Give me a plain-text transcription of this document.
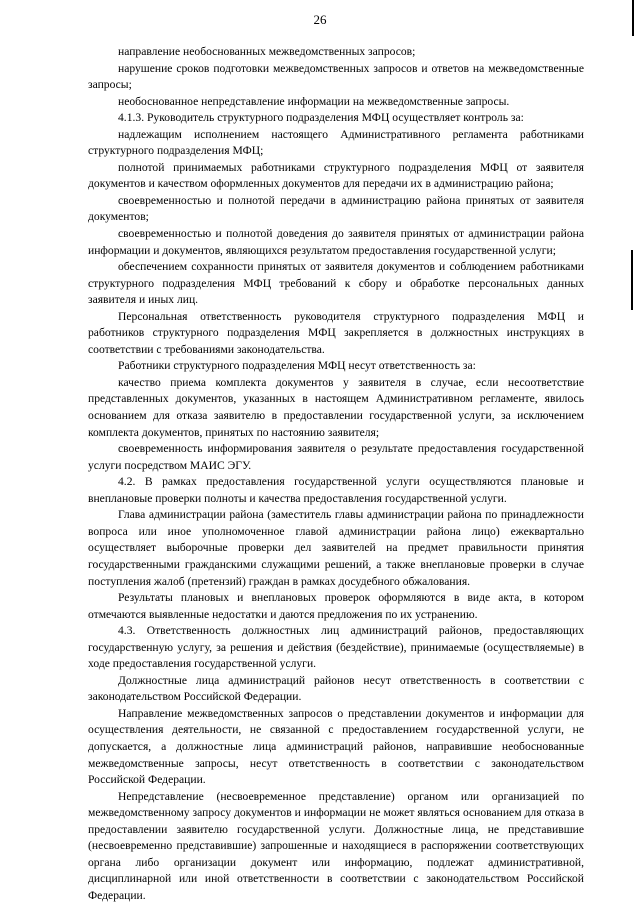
26

направление необоснованных межведомственных запросов;

нарушение сроков подготовки межведомственных запросов и ответов на межведомственные запросы;

необоснованное непредставление информации на межведомственные запросы.

4.1.3. Руководитель структурного подразделения МФЦ осуществляет контроль за:

надлежащим исполнением настоящего Административного регламента работниками структурного подразделения МФЦ;

полнотой принимаемых работниками структурного подразделения МФЦ от заявителя документов и качеством оформленных документов для передачи их в администрацию района;

своевременностью и полнотой передачи в администрацию района принятых от заявителя документов;

своевременностью и полнотой доведения до заявителя принятых от администрации района информации и документов, являющихся результатом предоставления государственной услуги;

обеспечением сохранности принятых от заявителя документов и соблюдением работниками структурного подразделения МФЦ требований к сбору и обработке персональных данных заявителя и иных лиц.

Персональная ответственность руководителя структурного подразделения МФЦ и работников структурного подразделения МФЦ закрепляется в должностных инструкциях в соответствии с требованиями законодательства.

Работники структурного подразделения МФЦ несут ответственность за:

качество приема комплекта документов у заявителя в случае, если несоответствие представленных документов, указанных в настоящем Административном регламенте, явилось основанием для отказа заявителю в предоставлении государственной услуги, за исключением комплекта документов, принятых по настоянию заявителя;

своевременность информирования заявителя о результате предоставления государственной услуги посредством МАИС ЭГУ.

4.2. В рамках предоставления государственной услуги осуществляются плановые и внеплановые проверки полноты и качества предоставления государственной услуги.

Глава администрации района (заместитель главы администрации района по принадлежности вопроса или иное уполномоченное главой администрации района лицо) ежеквартально осуществляет выборочные проверки дел заявителей на предмет правильности принятия государственными гражданскими служащими решений, а также внеплановые проверки в случае поступления жалоб (претензий) граждан в рамках досудебного обжалования.

Результаты плановых и внеплановых проверок оформляются в виде акта, в котором отмечаются выявленные недостатки и даются предложения по их устранению.

4.3. Ответственность должностных лиц администраций районов, предоставляющих государственную услугу, за решения и действия (бездействие), принимаемые (осуществляемые) в ходе предоставления государственной услуги.

Должностные лица администраций районов несут ответственность в соответствии с законодательством Российской Федерации.

Направление межведомственных запросов о представлении документов и информации для осуществления деятельности, не связанной с предоставлением государственной услуги, не допускается, а должностные лица администраций районов, направившие необоснованные межведомственные запросы, несут ответственность в соответствии с законодательством Российской Федерации.

Непредставление (несвоевременное представление) органом или организацией по межведомственному запросу документов и информации не может являться основанием для отказа в предоставлении заявителю государственной услуги. Должностные лица, не представившие (несвоевременно представившие) запрошенные и находящиеся в распоряжении соответствующих органа либо организации документ или информацию, подлежат административной, дисциплинарной или иной ответственности в соответствии с законодательством Российской Федерации.
